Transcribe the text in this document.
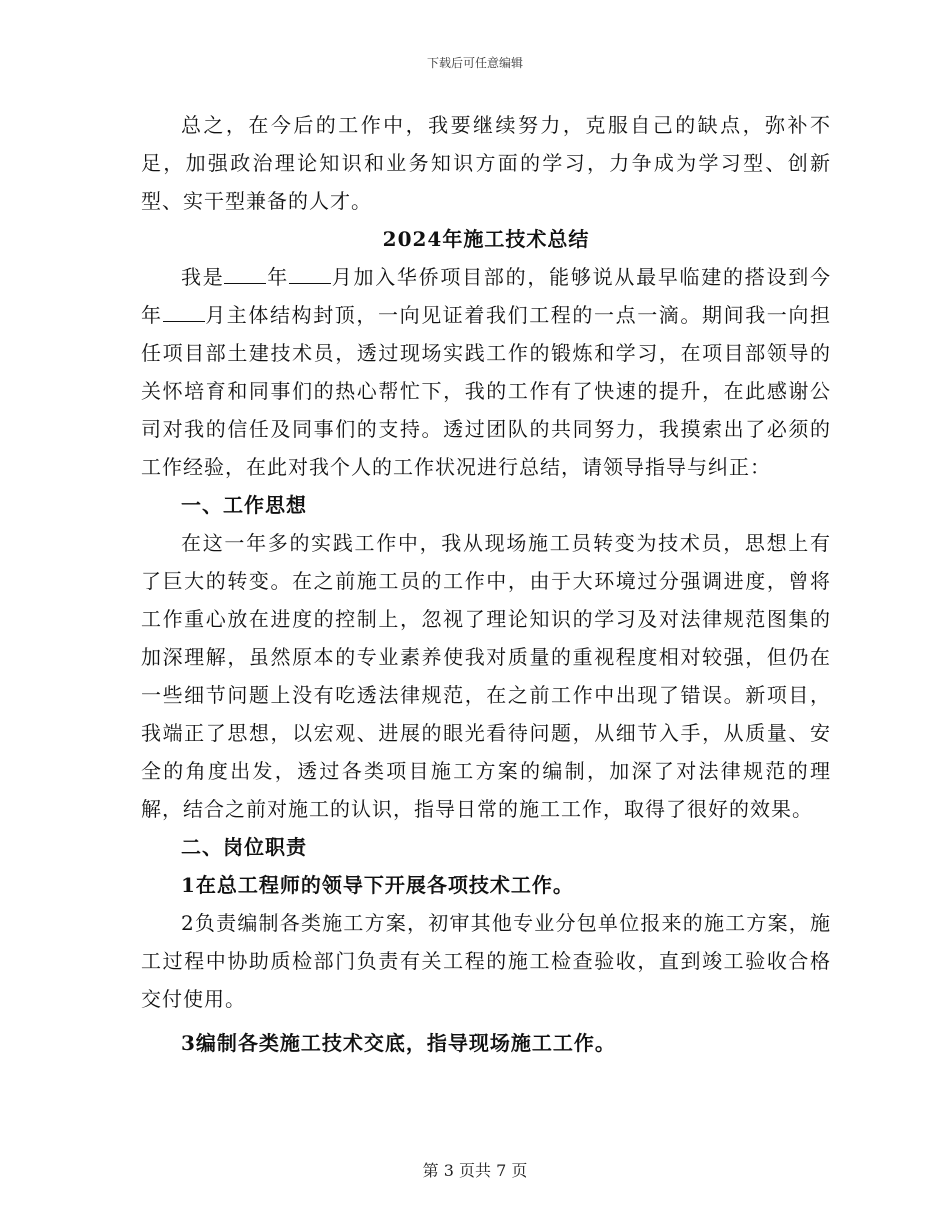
下载后可任意编辑

总之，在今后的工作中，我要继续努力，克服自己的缺点，弥补不足，加强政治理论知识和业务知识方面的学习，力争成为学习型、创新型、实干型兼备的人才。

2024年施工技术总结

我是 年 月加入华侨项目部的，能够说从最早临建的搭设到今年 月主体结构封顶，一向见证着我们工程的一点一滴。期间我一向担任项目部土建技术员，透过现场实践工作的锻炼和学习，在项目部领导的关怀培育和同事们的热心帮忙下，我的工作有了快速的提升，在此感谢公司对我的信任及同事们的支持。透过团队的共同努力，我摸索出了必须的工作经验，在此对我个人的工作状况进行总结，请领导指导与纠正：

一、工作思想

在这一年多的实践工作中，我从现场施工员转变为技术员，思想上有了巨大的转变。在之前施工员的工作中，由于大环境过分强调进度，曾将工作重心放在进度的控制上，忽视了理论知识的学习及对法律规范图集的加深理解，虽然原本的专业素养使我对质量的重视程度相对较强，但仍在一些细节问题上没有吃透法律规范，在之前工作中出现了错误。新项目，我端正了思想，以宏观、进展的眼光看待问题，从细节入手，从质量、安全的角度出发，透过各类项目施工方案的编制，加深了对法律规范的理解，结合之前对施工的认识，指导日常的施工工作，取得了很好的效果。

二、岗位职责

1在总工程师的领导下开展各项技术工作。

2负责编制各类施工方案，初审其他专业分包单位报来的施工方案，施工过程中协助质检部门负责有关工程的施工检查验收，直到竣工验收合格交付使用。

3编制各类施工技术交底，指导现场施工工作。

第 3 页共 7 页
